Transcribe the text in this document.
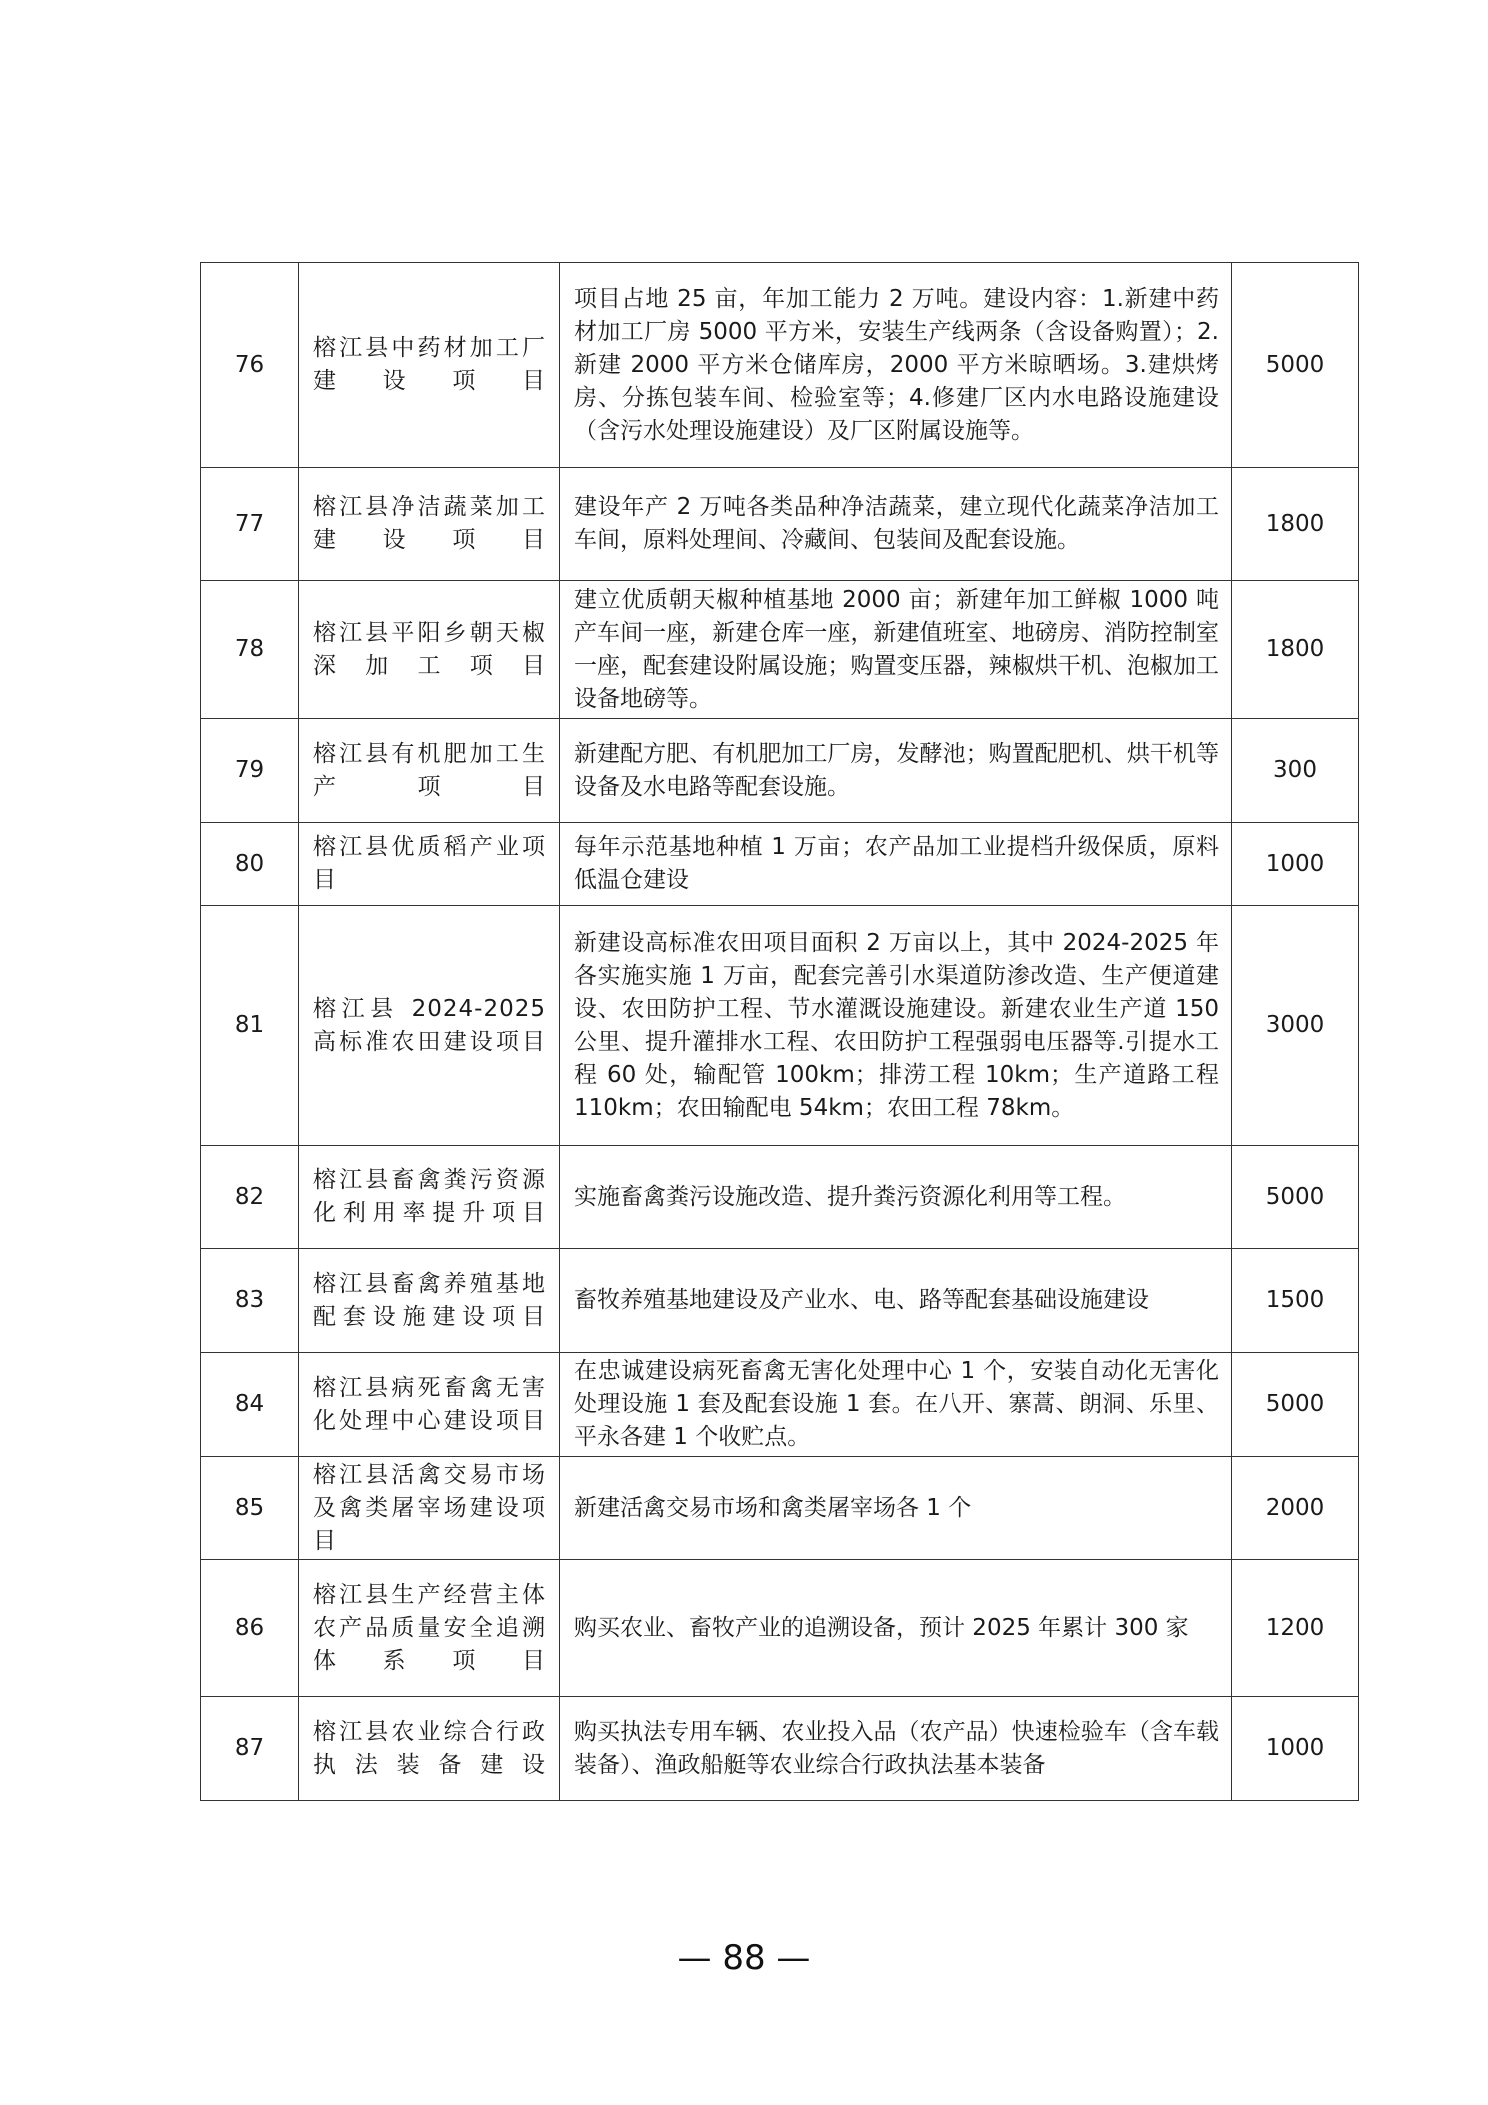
76	榕江县中药材加工厂建设项目	项目占地 25 亩，年加工能力 2 万吨。建设内容：1.新建中药材加工厂房 5000 平方米，安装生产线两条（含设备购置）；2.新建 2000 平方米仓储库房，2000 平方米晾晒场。3.建烘烤房、分拣包装车间、检验室等；4.修建厂区内水电路设施建设（含污水处理设施建设）及厂区附属设施等。	5000
77	榕江县净洁蔬菜加工建设项目	建设年产 2 万吨各类品种净洁蔬菜，建立现代化蔬菜净洁加工车间，原料处理间、冷藏间、包装间及配套设施。	1800
78	榕江县平阳乡朝天椒深加工项目	建立优质朝天椒种植基地 2000 亩；新建年加工鲜椒 1000 吨产车间一座，新建仓库一座，新建值班室、地磅房、消防控制室一座，配套建设附属设施；购置变压器，辣椒烘干机、泡椒加工设备地磅等。	1800
79	榕江县有机肥加工生产项目	新建配方肥、有机肥加工厂房，发酵池；购置配肥机、烘干机等设备及水电路等配套设施。	300
80	榕江县优质稻产业项目	每年示范基地种植 1 万亩；农产品加工业提档升级保质，原料低温仓建设	1000
81	榕江县 2024-2025 高标准农田建设项目	新建设高标准农田项目面积 2 万亩以上，其中 2024-2025 年各实施实施 1 万亩，配套完善引水渠道防渗改造、生产便道建设、农田防护工程、节水灌溉设施建设。新建农业生产道 150 公里、提升灌排水工程、农田防护工程强弱电压器等.引提水工程 60 处，输配管 100km；排涝工程 10km；生产道路工程 110km；农田输配电 54km；农田工程 78km。	3000
82	榕江县畜禽粪污资源化利用率提升项目	实施畜禽粪污设施改造、提升粪污资源化利用等工程。	5000
83	榕江县畜禽养殖基地配套设施建设项目	畜牧养殖基地建设及产业水、电、路等配套基础设施建设	1500
84	榕江县病死畜禽无害化处理中心建设项目	在忠诚建设病死畜禽无害化处理中心 1 个，安装自动化无害化处理设施 1 套及配套设施 1 套。在八开、寨蒿、朗洞、乐里、平永各建 1 个收贮点。	5000
85	榕江县活禽交易市场及禽类屠宰场建设项目	新建活禽交易市场和禽类屠宰场各 1 个	2000
86	榕江县生产经营主体农产品质量安全追溯体系项目	购买农业、畜牧产业的追溯设备，预计 2025 年累计 300 家	1200
87	榕江县农业综合行政执法装备建设	购买执法专用车辆、农业投入品（农产品）快速检验车（含车载装备）、渔政船艇等农业综合行政执法基本装备	1000
— 88 —
